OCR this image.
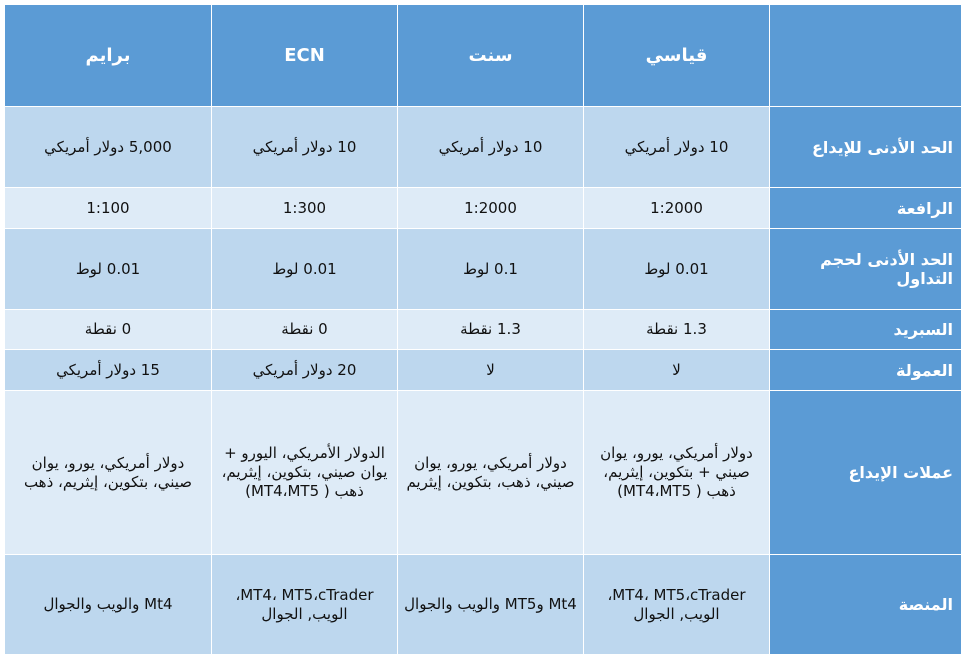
	قياسي	سنت	ECN	برايم
الحد الأدنى للإيداع	10 دولار أمريكي	10 دولار أمريكي	10 دولار أمريكي	5,000 دولار أمريكي
الرافعة	1:2000	1:2000	1:300	1:100
الحد الأدنى لحجم التداول	0.01 لوط	0.1 لوط	0.01 لوط	0.01 لوط
السبريد	1.3 نقطة	1.3 نقطة	0 نقطة	0 نقطة
العمولة	لا	لا	20 دولار أمريكي	15 دولار أمريكي
عملات الإيداع	دولار أمريكي، يورو، يوان صيني + بتكوين، إيثريم، ذهب ( MT4،MT5)	دولار أمريكي، يورو، يوان صيني، ذهب، بتكوين، إيثريم	الدولار الأمريكي، اليورو + يوان صيني، بتكوين، إيثريم، ذهب ( MT4،MT5)	دولار أمريكي، يورو، يوان صيني، بتكوين، إيثريم، ذهب
المنصة	MT4، MT5،cTrader، الويب, الجوال	Mt4 وMT5 والويب والجوال	MT4، MT5،cTrader، الويب, الجوال	Mt4 والويب والجوال
